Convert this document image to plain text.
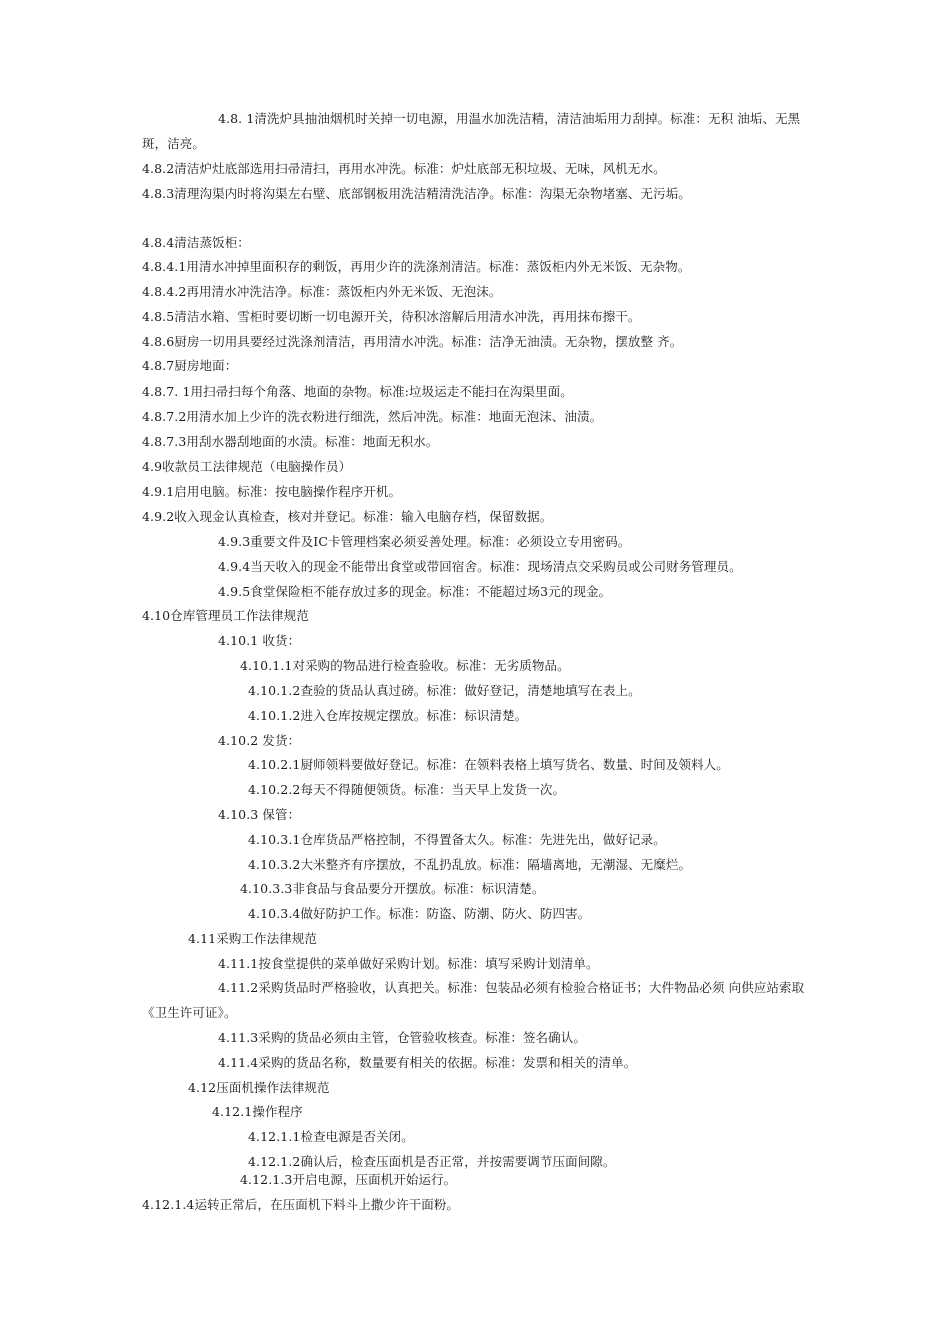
4.8. 1清洗炉具抽油烟机时关掉一切电源，用温水加洗洁精，清洁油垢用力刮掉。标准：无积 油垢、无黑斑，洁亮。
4.8.2清洁炉灶底部选用扫帚清扫，再用水冲洗。标准：炉灶底部无积垃圾、无味，风机无水。
4.8.3清理沟渠内时将沟渠左右壁、底部钢板用洗洁精清洗洁净。标准：沟渠无杂物堵塞、无污垢。
4.8.4清洁蒸饭柜：
4.8.4.1用清水冲掉里面积存的剩饭，再用少许的洗涤剂清洁。标准：蒸饭柜内外无米饭、无杂物。
4.8.4.2再用清水冲洗洁净。标准：蒸饭柜内外无米饭、无泡沫。
4.8.5清洁水箱、雪柜时要切断一切电源开关，待积冰溶解后用清水冲洗，再用抹布擦干。
4.8.6厨房一切用具要经过洗涤剂清洁，再用清水冲洗。标准：洁净无油渍。无杂物，摆放整 齐。
4.8.7厨房地面：
4.8.7. 1用扫帚扫每个角落、地面的杂物。标准:垃圾运走不能扫在沟渠里面。
4.8.7.2用清水加上少许的洗衣粉进行细洗，然后冲洗。标准：地面无泡沫、油渍。
4.8.7.3用刮水器刮地面的水渍。标准：地面无积水。
4.9收款员工法律规范（电脑操作员）
4.9.1启用电脑。标准：按电脑操作程序开机。
4.9.2收入现金认真检查，核对并登记。标准：输入电脑存档，保留数据。
4.9.3重要文件及IC卡管理档案必须妥善处理。标准：必须设立专用密码。
4.9.4当天收入的现金不能带出食堂或带回宿舍。标准：现场清点交采购员或公司财务管理员。
4.9.5食堂保险柜不能存放过多的现金。标准：不能超过场3元的现金。
4.10仓库管理员工作法律规范
4.10.1 收货：
4.10.1.1对采购的物品进行检查验收。标准：无劣质物品。
4.10.1.2查验的货品认真过磅。标准：做好登记，清楚地填写在表上。
4.10.1.2进入仓库按规定摆放。标准：标识清楚。
4.10.2 发货：
4.10.2.1厨师领料要做好登记。标准：在领料表格上填写货名、数量、时间及领料人。
4.10.2.2每天不得随便领货。标准：当天早上发货一次。
4.10.3 保管：
4.10.3.1仓库货品严格控制，不得置备太久。标准：先进先出，做好记录。
4.10.3.2大米整齐有序摆放，不乱扔乱放。标准：隔墙离地，无潮湿、无糜烂。
4.10.3.3非食品与食品要分开摆放。标准：标识清楚。
4.10.3.4做好防护工作。标准：防盗、防潮、防火、防四害。
4.11采购工作法律规范
4.11.1按食堂提供的菜单做好采购计划。标准：填写采购计划清单。
4.11.2采购货品时严格验收，认真把关。标准：包装品必须有检验合格证书；大件物品必须 向供应站索取《卫生许可证》。
4.11.3采购的货品必须由主管，仓管验收核查。标准：签名确认。
4.11.4采购的货品名称，数量要有相关的依据。标准：发票和相关的清单。
4.12压面机操作法律规范
4.12.1操作程序
4.12.1.1检查电源是否关闭。
4.12.1.2确认后，检查压面机是否正常，并按需要调节压面间隙。
4.12.1.3开启电源，压面机开始运行。
4.12.1.4运转正常后，在压面机下料斗上撒少许干面粉。
